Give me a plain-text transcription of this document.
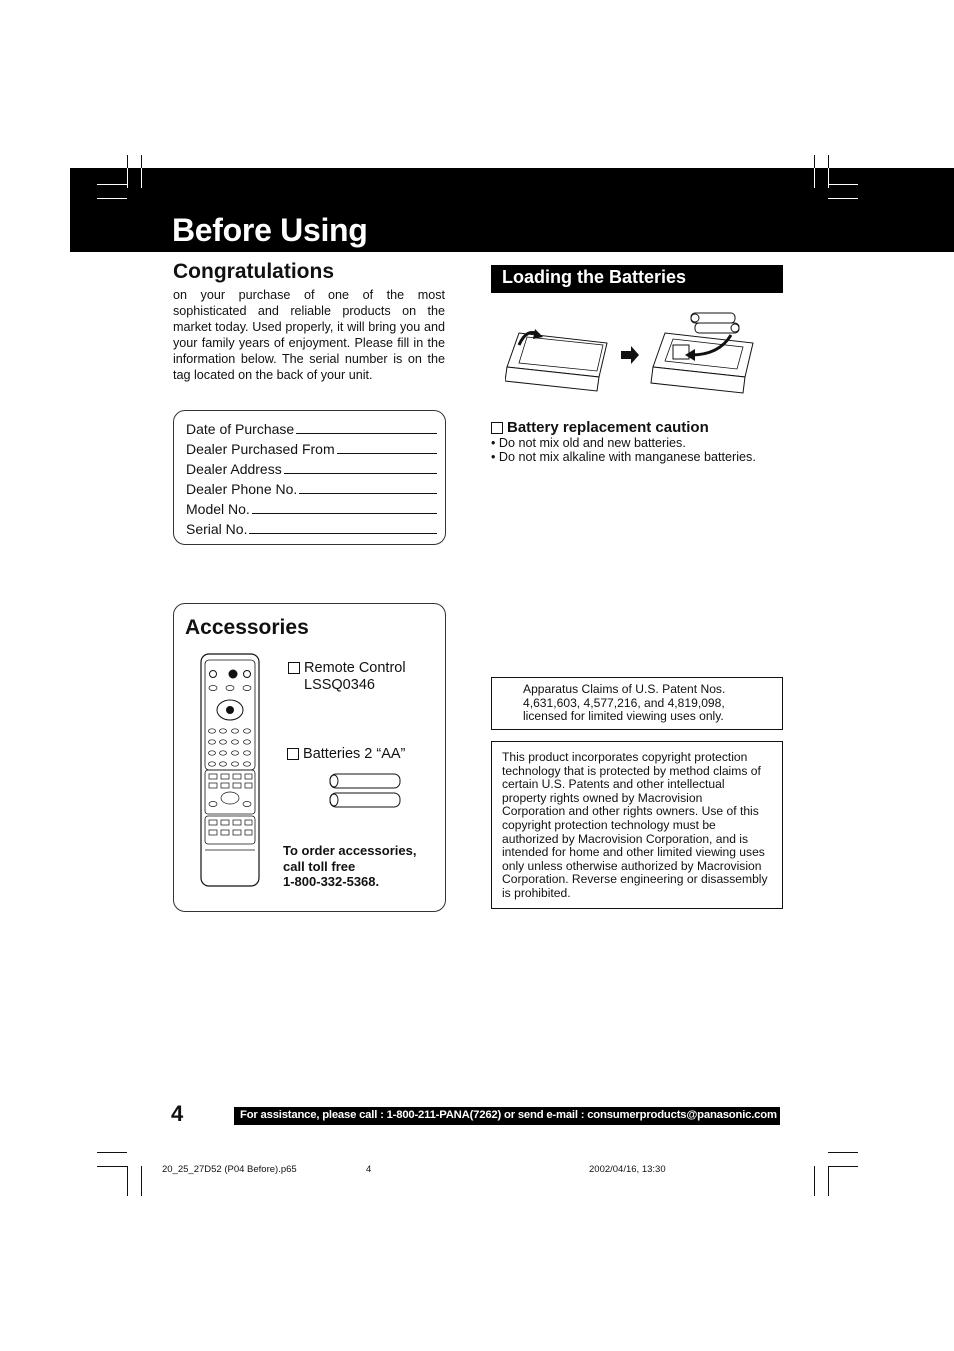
Before Using
Congratulations
on your purchase of one of the most sophisticated and reliable products on the market today. Used properly, it will bring you and your family years of enjoyment. Please fill in the information below. The serial number is on the tag located on the back of your unit.
Date of Purchase
Dealer Purchased From
Dealer Address
Dealer Phone No.
Model No.
Serial No.
Accessories
Remote Control
LSSQ0346
Batteries 2 “AA”
To order accessories,
call toll free
1-800-332-5368.
Loading the Batteries
Battery replacement caution
• Do not mix old and new batteries.
• Do not mix alkaline with manganese batteries.
Apparatus Claims of U.S. Patent Nos. 4,631,603, 4,577,216, and 4,819,098, licensed for limited viewing uses only.
This product incorporates copyright protection technology that is protected by method claims of certain U.S. Patents and other intellectual property rights owned by Macrovision Corporation and other rights owners. Use of this copyright protection technology must be authorized by Macrovision Corporation, and is intended for home and other limited viewing uses only unless otherwise authorized by Macrovision Corporation. Reverse engineering or disassembly is prohibited.
4	For assistance, please call : 1-800-211-PANA(7262) or send e-mail : consumerproducts@panasonic.com
20_25_27D52 (P04 Before).p65	4	2002/04/16, 13:30
